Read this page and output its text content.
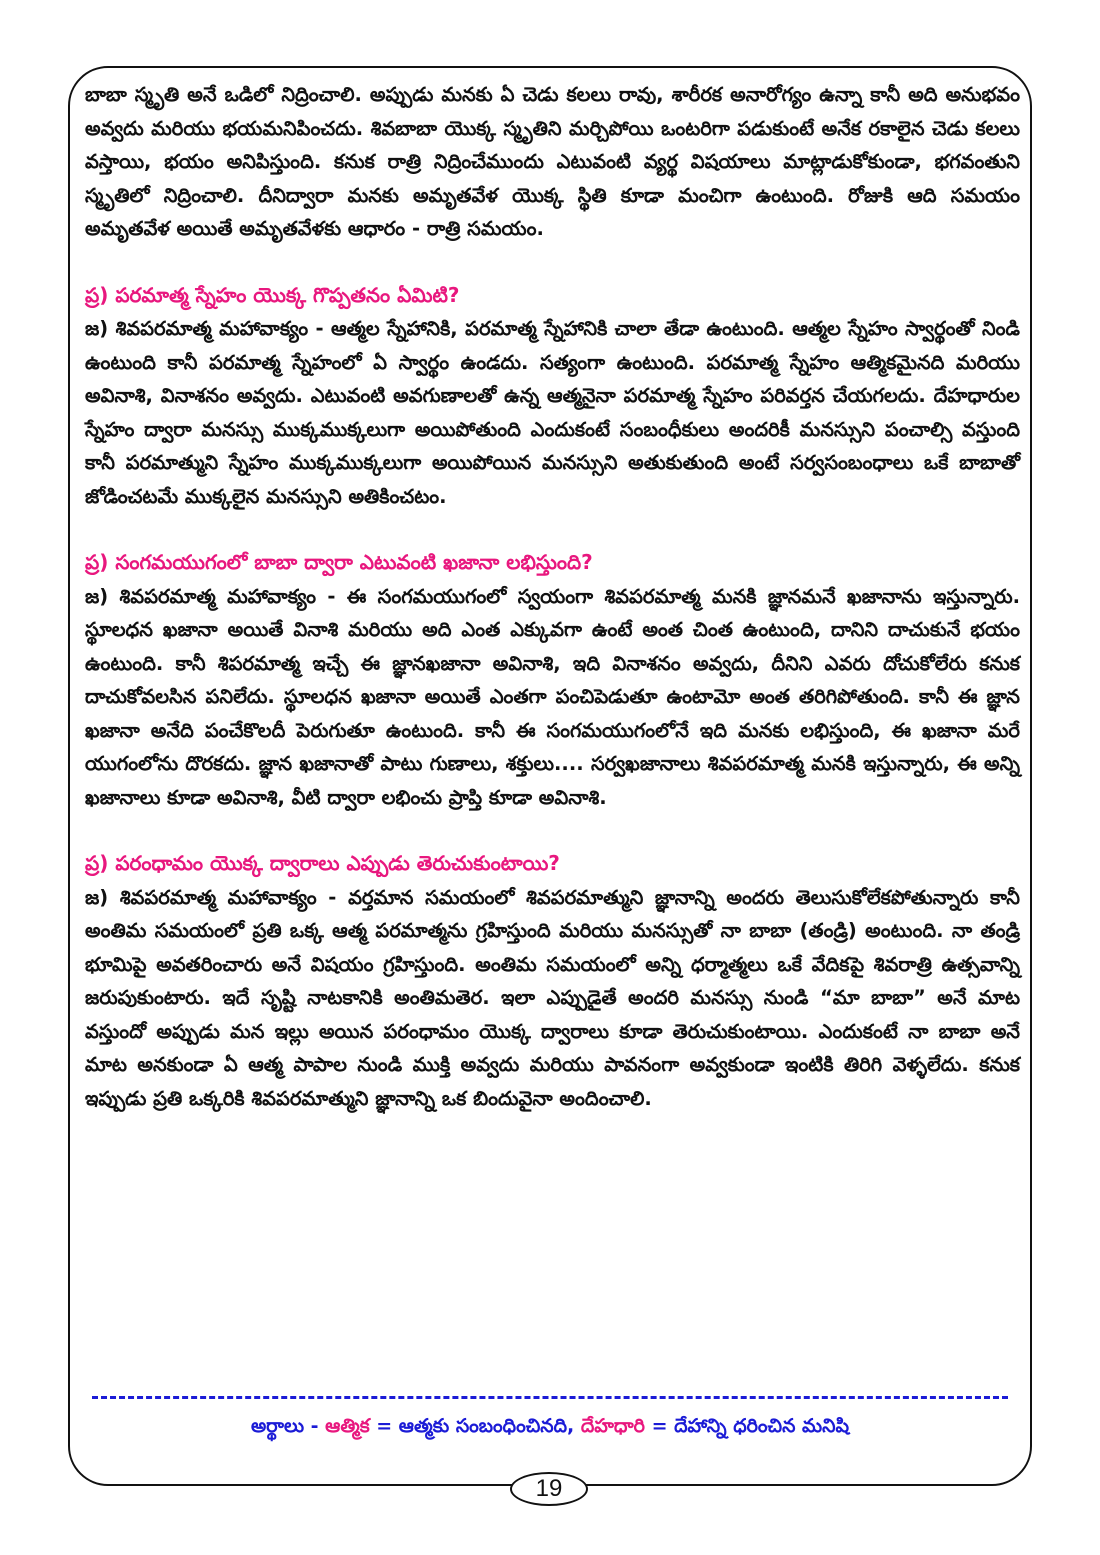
బాబా స్మృతి అనే ఒడిలో నిద్రించాలి. అప్పుడు మనకు ఏ చెడు కలలు రావు, శారీరక అనారోగ్యం ఉన్నా కానీ అది అనుభవం అవ్వదు మరియు భయమనిపించదు. శివబాబా యొక్క స్మృతిని మర్చిపోయి ఒంటరిగా పడుకుంటే అనేక రకాలైన చెడు కలలు వస్తాయి, భయం అనిపిస్తుంది. కనుక రాత్రి నిద్రించేముందు ఎటువంటి వ్యర్థ విషయాలు మాట్లాడుకోకుండా, భగవంతుని స్మృతిలో నిద్రించాలి. దీనిద్వారా మనకు అమృతవేళ యొక్క స్థితి కూడా మంచిగా ఉంటుంది. రోజుకి ఆది సమయం అమృతవేళ అయితే అమృతవేళకు ఆధారం - రాత్రి సమయం.

ప్ర) పరమాత్మ స్నేహం యొక్క గొప్పతనం ఏమిటి?

జ) శివపరమాత్మ మహావాక్యం - ఆత్మల స్నేహానికి, పరమాత్మ స్నేహానికి చాలా తేడా ఉంటుంది. ఆత్మల స్నేహం స్వార్థంతో నిండి ఉంటుంది కానీ పరమాత్మ స్నేహంలో ఏ స్వార్థం ఉండదు. సత్యంగా ఉంటుంది. పరమాత్మ స్నేహం ఆత్మికమైనది మరియు అవినాశి, వినాశనం అవ్వదు. ఎటువంటి అవగుణాలతో ఉన్న ఆత్మనైనా పరమాత్మ స్నేహం పరివర్తన చేయగలదు. దేహధారుల స్నేహం ద్వారా మనస్సు ముక్కముక్కలుగా అయిపోతుంది ఎందుకంటే సంబంధీకులు అందరికీ మనస్సుని పంచాల్సి వస్తుంది కానీ పరమాత్ముని స్నేహం ముక్కముక్కలుగా అయిపోయిన మనస్సుని అతుకుతుంది అంటే సర్వసంబంధాలు ఒకే బాబాతో జోడించటమే ముక్కలైన మనస్సుని అతికించటం.

ప్ర) సంగమయుగంలో బాబా ద్వారా ఎటువంటి ఖజానా లభిస్తుంది?

జ) శివపరమాత్మ మహావాక్యం - ఈ సంగమయుగంలో స్వయంగా శివపరమాత్మ మనకి జ్ఞానమనే ఖజానాను ఇస్తున్నారు. స్థూలధన ఖజానా అయితే వినాశి మరియు అది ఎంత ఎక్కువగా ఉంటే అంత చింత ఉంటుంది, దానిని దాచుకునే భయం ఉంటుంది. కానీ శిపరమాత్మ ఇచ్చే ఈ జ్ఞానఖజానా అవినాశి, ఇది వినాశనం అవ్వదు, దీనిని ఎవరు దోచుకోలేరు కనుక దాచుకోవలసిన పనిలేదు. స్థూలధన ఖజానా అయితే ఎంతగా పంచిపెడుతూ ఉంటామో అంత తరిగిపోతుంది. కానీ ఈ జ్ఞాన ఖజానా అనేది పంచేకొలదీ పెరుగుతూ ఉంటుంది. కానీ ఈ సంగమయుగంలోనే ఇది మనకు లభిస్తుంది, ఈ ఖజానా మరే యుగంలోను దొరకదు. జ్ఞాన ఖజానాతో పాటు గుణాలు, శక్తులు.... సర్వఖజానాలు శివపరమాత్మ మనకి ఇస్తున్నారు, ఈ అన్ని ఖజానాలు కూడా అవినాశి, వీటి ద్వారా లభించు ప్రాప్తి కూడా అవినాశి.

ప్ర) పరంధామం యొక్క ద్వారాలు ఎప్పుడు తెరుచుకుంటాయి?

జ) శివపరమాత్మ మహావాక్యం - వర్తమాన సమయంలో శివపరమాత్ముని జ్ఞానాన్ని అందరు తెలుసుకోలేకపోతున్నారు కానీ అంతిమ సమయంలో ప్రతి ఒక్క ఆత్మ పరమాత్మను గ్రహిస్తుంది మరియు మనస్సుతో నా బాబా (తండ్రి) అంటుంది. నా తండ్రి భూమిపై అవతరించారు అనే విషయం గ్రహిస్తుంది. అంతిమ సమయంలో అన్ని ధర్మాత్మలు ఒకే వేదికపై శివరాత్రి ఉత్సవాన్ని జరుపుకుంటారు. ఇదే సృష్టి నాటకానికి అంతిమతెర. ఇలా ఎప్పుడైతే అందరి మనస్సు నుండి “మా బాబా” అనే మాట వస్తుందో అప్పుడు మన ఇల్లు అయిన పరంధామం యొక్క ద్వారాలు కూడా తెరుచుకుంటాయి. ఎందుకంటే నా బాబా అనే మాట అనకుండా ఏ ఆత్మ పాపాల నుండి ముక్తి అవ్వదు మరియు పావనంగా అవ్వకుండా ఇంటికి తిరిగి వెళ్ళలేదు. కనుక ఇప్పుడు ప్రతి ఒక్కరికి శివపరమాత్ముని జ్ఞానాన్ని ఒక బిందువైనా అందించాలి.

అర్థాలు - ఆత్మిక = ఆత్మకు సంబంధించినది, దేహధారి = దేహాన్ని ధరించిన మనిషి
19
